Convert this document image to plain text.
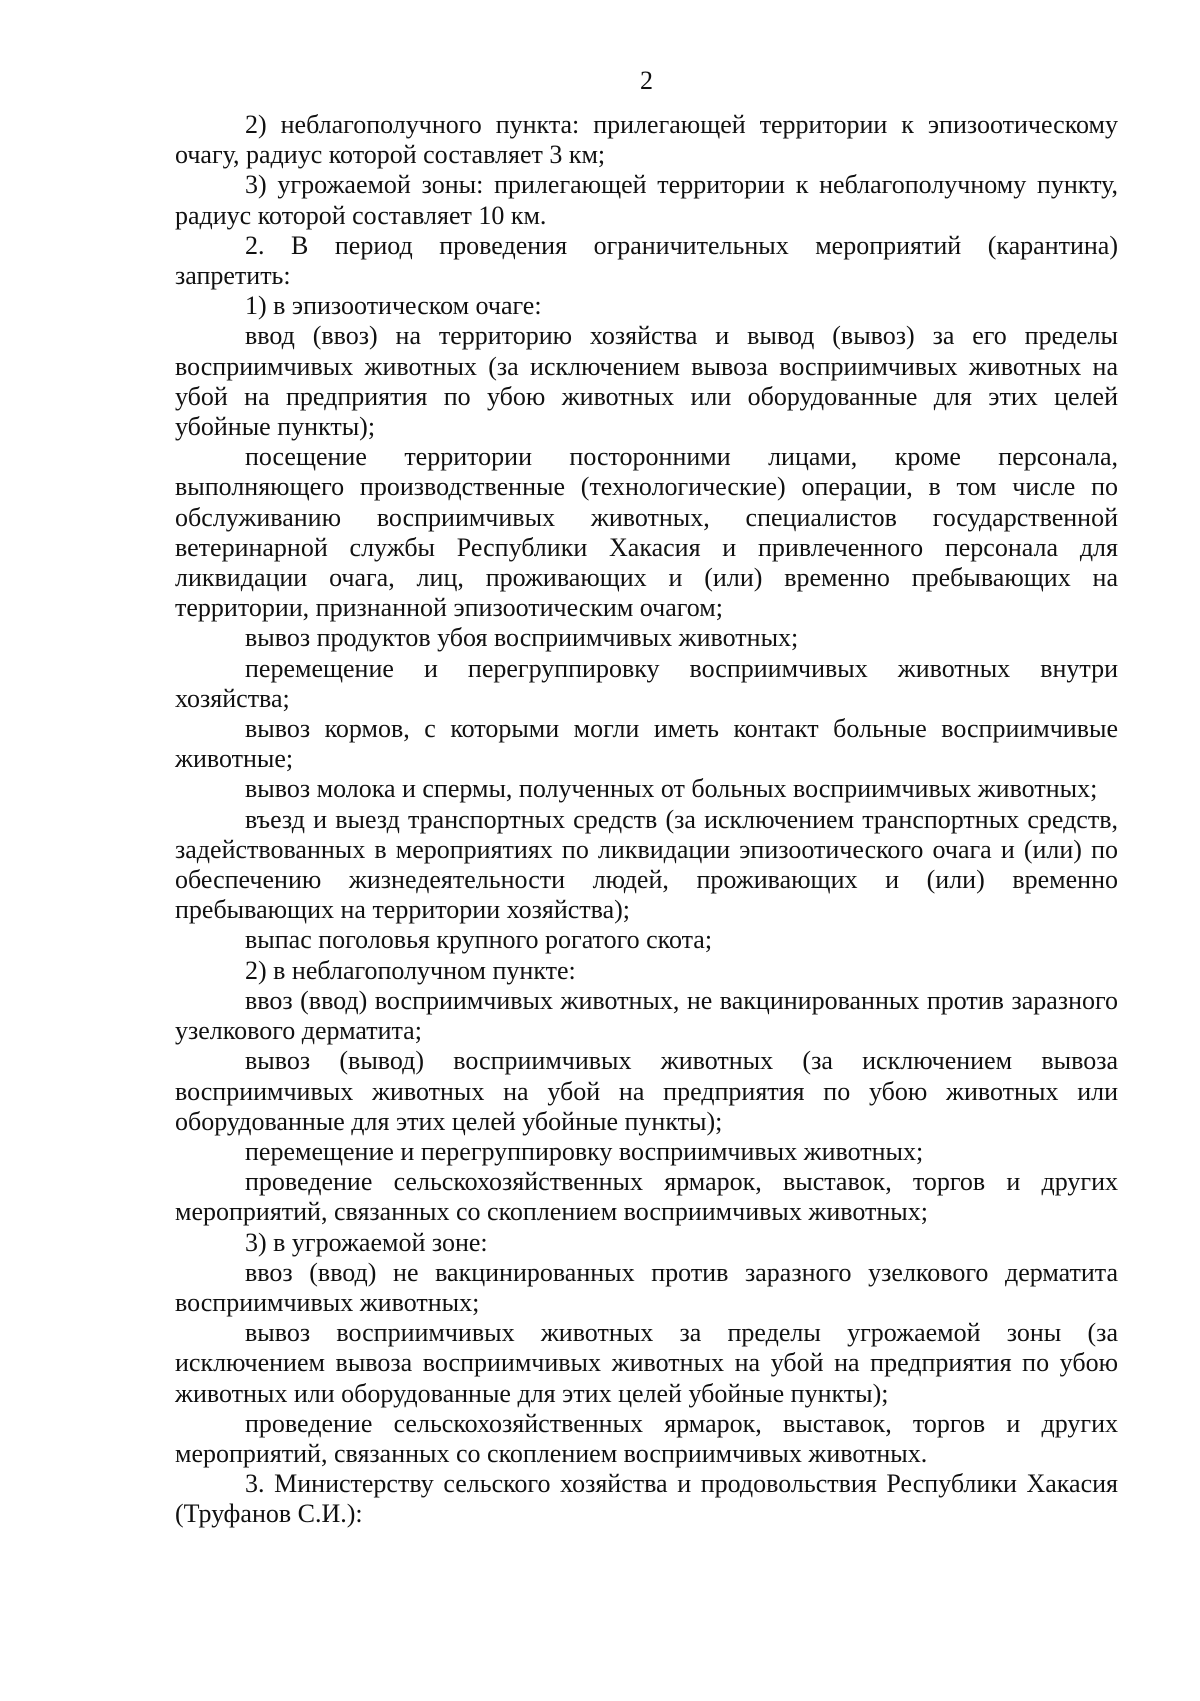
2

2) неблагополучного пункта: прилегающей территории к эпизоотическому очагу, радиус которой составляет 3 км;

3) угрожаемой зоны: прилегающей территории к неблагополучному пункту, радиус которой составляет 10 км.

2. В период проведения ограничительных мероприятий (карантина) запретить:

1) в эпизоотическом очаге:

ввод (ввоз) на территорию хозяйства и вывод (вывоз) за его пределы восприимчивых животных (за исключением вывоза восприимчивых животных на убой на предприятия по убою животных или оборудованные для этих целей убойные пункты);

посещение территории посторонними лицами, кроме персонала, выполняющего производственные (технологические) операции, в том числе по обслуживанию восприимчивых животных, специалистов государственной ветеринарной службы Республики Хакасия и привлеченного персонала для ликвидации очага, лиц, проживающих и (или) временно пребывающих на территории, признанной эпизоотическим очагом;

вывоз продуктов убоя восприимчивых животных;

перемещение и перегруппировку восприимчивых животных внутри хозяйства;

вывоз кормов, с которыми могли иметь контакт больные восприимчивые животные;

вывоз молока и спермы, полученных от больных восприимчивых животных;

въезд и выезд транспортных средств (за исключением транспортных средств, задействованных в мероприятиях по ликвидации эпизоотического очага и (или) по обеспечению жизнедеятельности людей, проживающих и (или) временно пребывающих на территории хозяйства);

выпас поголовья крупного рогатого скота;

2) в неблагополучном пункте:

ввоз (ввод) восприимчивых животных, не вакцинированных против заразного узелкового дерматита;

вывоз (вывод) восприимчивых животных (за исключением вывоза восприимчивых животных на убой на предприятия по убою животных или оборудованные для этих целей убойные пункты);

перемещение и перегруппировку восприимчивых животных;

проведение сельскохозяйственных ярмарок, выставок, торгов и других мероприятий, связанных со скоплением восприимчивых животных;

3) в угрожаемой зоне:

ввоз (ввод) не вакцинированных против заразного узелкового дерматита восприимчивых животных;

вывоз восприимчивых животных за пределы угрожаемой зоны (за исключением вывоза восприимчивых животных на убой на предприятия по убою животных или оборудованные для этих целей убойные пункты);

проведение сельскохозяйственных ярмарок, выставок, торгов и других мероприятий, связанных со скоплением восприимчивых животных.

3. Министерству сельского хозяйства и продовольствия Республики Хакасия (Труфанов С.И.):
